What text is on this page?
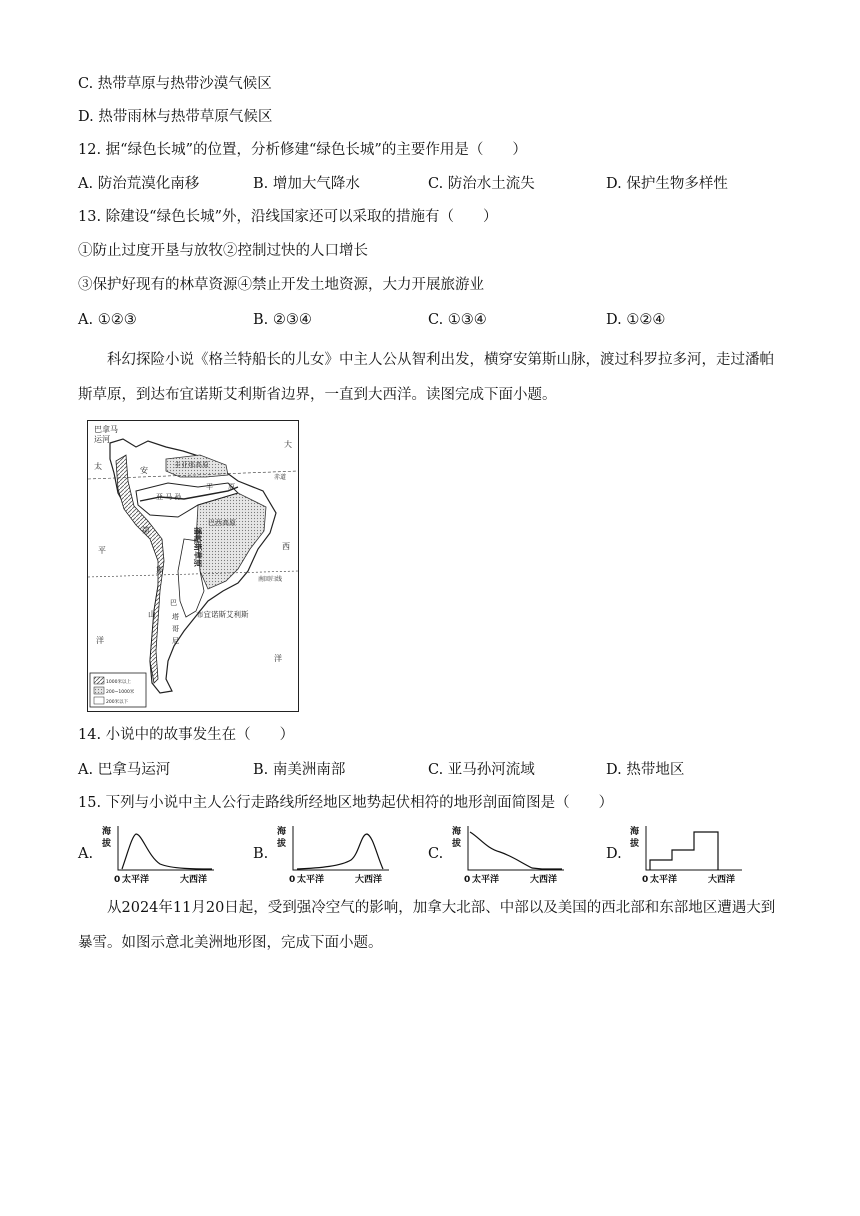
C. 热带草原与热带沙漠气候区
D. 热带雨林与热带草原气候区
12. 据“绿色长城”的位置，分析修建“绿色长城”的主要作用是（　　）
A. 防治荒漠化南移	B. 增加大气降水	C. 防治水土流失	D. 保护生物多样性
13. 除建设“绿色长城”外，沿线国家还可以采取的措施有（　　）
①防止过度开垦与放牧②控制过快的人口增长
③保护好现有的林草资源④禁止开发土地资源，大力开展旅游业
A. ①②③	B. ②③④	C. ①③④	D. ①②④
科幻探险小说《格兰特船长的儿女》中主人公从智利出发，横穿安第斯山脉，渡过科罗拉多河，走过潘帕斯草原，到达布宜诺斯艾利斯省边界，一直到大西洋。读图完成下面小题。
1000米以上
200~1000米
200米以下
巴拿马
运河
太
大
圭亚那高原
赤道
安
亚 马 孙
平 原
巴西高原
第
西
平
斯
南回归线
巴
山 塔
哥
尼
布宜诺斯艾利斯
洋
洋
潘帕斯草原
14. 小说中的故事发生在（　　）
A. 巴拿马运河	B. 南美洲南部	C. 亚马孙河流域	D. 热带地区
15. 下列与小说中主人公行走路线所经地区地势起伏相符的地形剖面简图是（　　）
A.
海
拔
0 太平洋	大西洋
B.
海
拔
0 太平洋	大西洋
C.
海
拔
0 太平洋	大西洋
D.
海
拔
0 太平洋	大西洋
从2024年11月20日起，受到强冷空气的影响，加拿大北部、中部以及美国的西北部和东部地区遭遇大到暴雪。如图示意北美洲地形图，完成下面小题。
